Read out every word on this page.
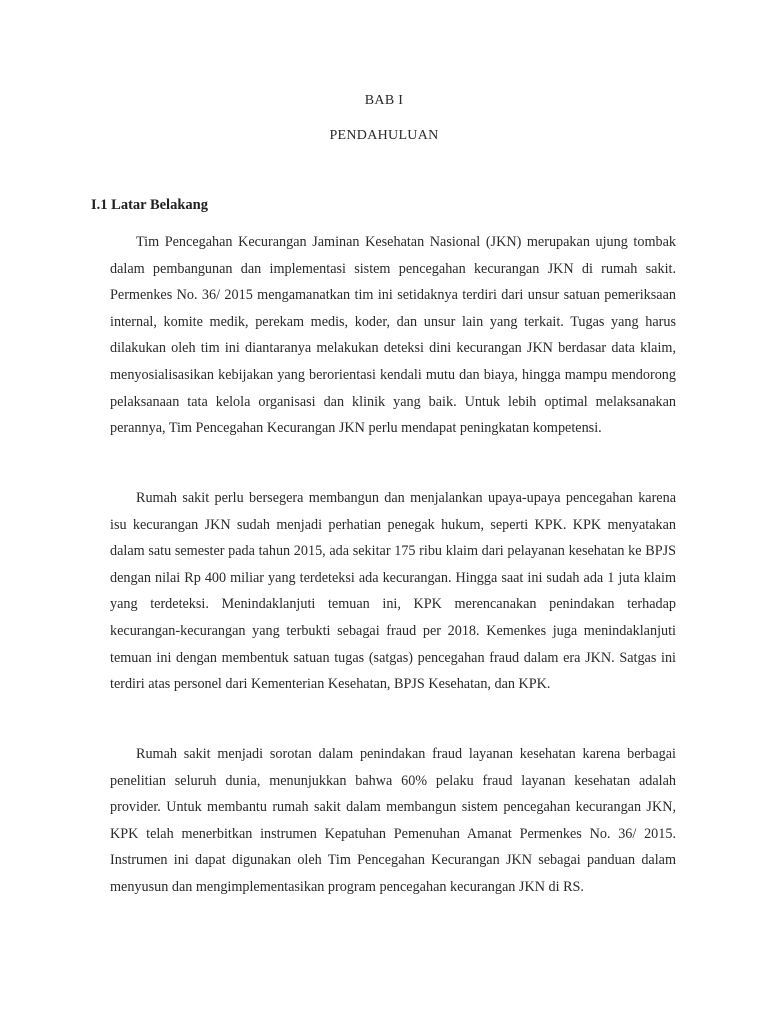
BAB I
PENDAHULUAN
I.1 Latar Belakang

Tim Pencegahan Kecurangan Jaminan Kesehatan Nasional (JKN) merupakan ujung tombak dalam pembangunan dan implementasi sistem pencegahan kecurangan JKN di rumah sakit. Permenkes No. 36/ 2015 mengamanatkan tim ini setidaknya terdiri dari unsur satuan pemeriksaan internal, komite medik, perekam medis, koder, dan unsur lain yang terkait. Tugas yang harus dilakukan oleh tim ini diantaranya melakukan deteksi dini kecurangan JKN berdasar data klaim, menyosialisasikan kebijakan yang berorientasi kendali mutu dan biaya, hingga mampu mendorong pelaksanaan tata kelola organisasi dan klinik yang baik. Untuk lebih optimal melaksanakan perannya, Tim Pencegahan Kecurangan JKN perlu mendapat peningkatan kompetensi.

Rumah sakit perlu bersegera membangun dan menjalankan upaya-upaya pencegahan karena isu kecurangan JKN sudah menjadi perhatian penegak hukum, seperti KPK. KPK menyatakan dalam satu semester pada tahun 2015, ada sekitar 175 ribu klaim dari pelayanan kesehatan ke BPJS dengan nilai Rp 400 miliar yang terdeteksi ada kecurangan. Hingga saat ini sudah ada 1 juta klaim yang terdeteksi. Menindaklanjuti temuan ini, KPK merencanakan penindakan terhadap kecurangan-kecurangan yang terbukti sebagai fraud per 2018. Kemenkes juga menindaklanjuti temuan ini dengan membentuk satuan tugas (satgas) pencegahan fraud dalam era JKN. Satgas ini terdiri atas personel dari Kementerian Kesehatan, BPJS Kesehatan, dan KPK.

Rumah sakit menjadi sorotan dalam penindakan fraud layanan kesehatan karena berbagai penelitian seluruh dunia, menunjukkan bahwa 60% pelaku fraud layanan kesehatan adalah provider. Untuk membantu rumah sakit dalam membangun sistem pencegahan kecurangan JKN, KPK telah menerbitkan instrumen Kepatuhan Pemenuhan Amanat Permenkes No. 36/ 2015. Instrumen ini dapat digunakan oleh Tim Pencegahan Kecurangan JKN sebagai panduan dalam menyusun dan mengimplementasikan program pencegahan kecurangan JKN di RS.
